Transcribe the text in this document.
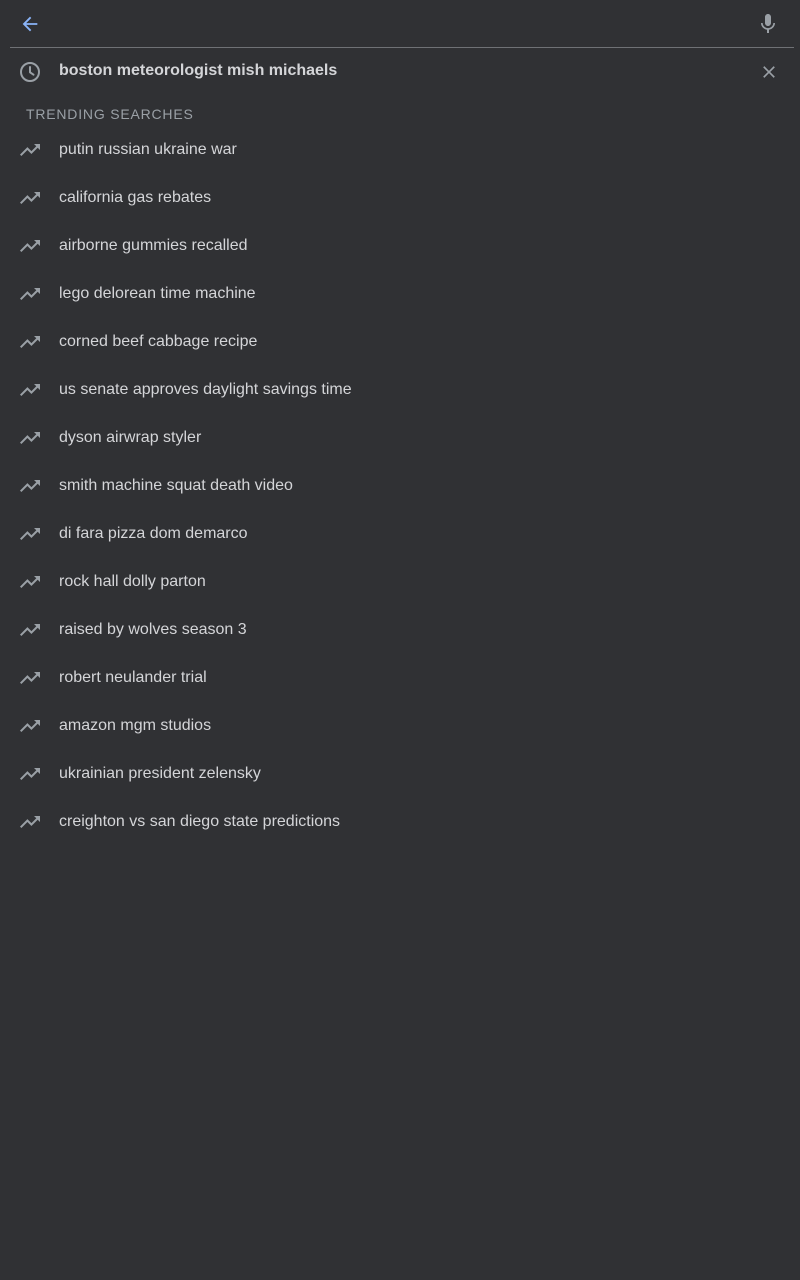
boston meteorologist mish michaels
TRENDING SEARCHES
putin russian ukraine war
california gas rebates
airborne gummies recalled
lego delorean time machine
corned beef cabbage recipe
us senate approves daylight savings time
dyson airwrap styler
smith machine squat death video
di fara pizza dom demarco
rock hall dolly parton
raised by wolves season 3
robert neulander trial
amazon mgm studios
ukrainian president zelensky
creighton vs san diego state predictions
